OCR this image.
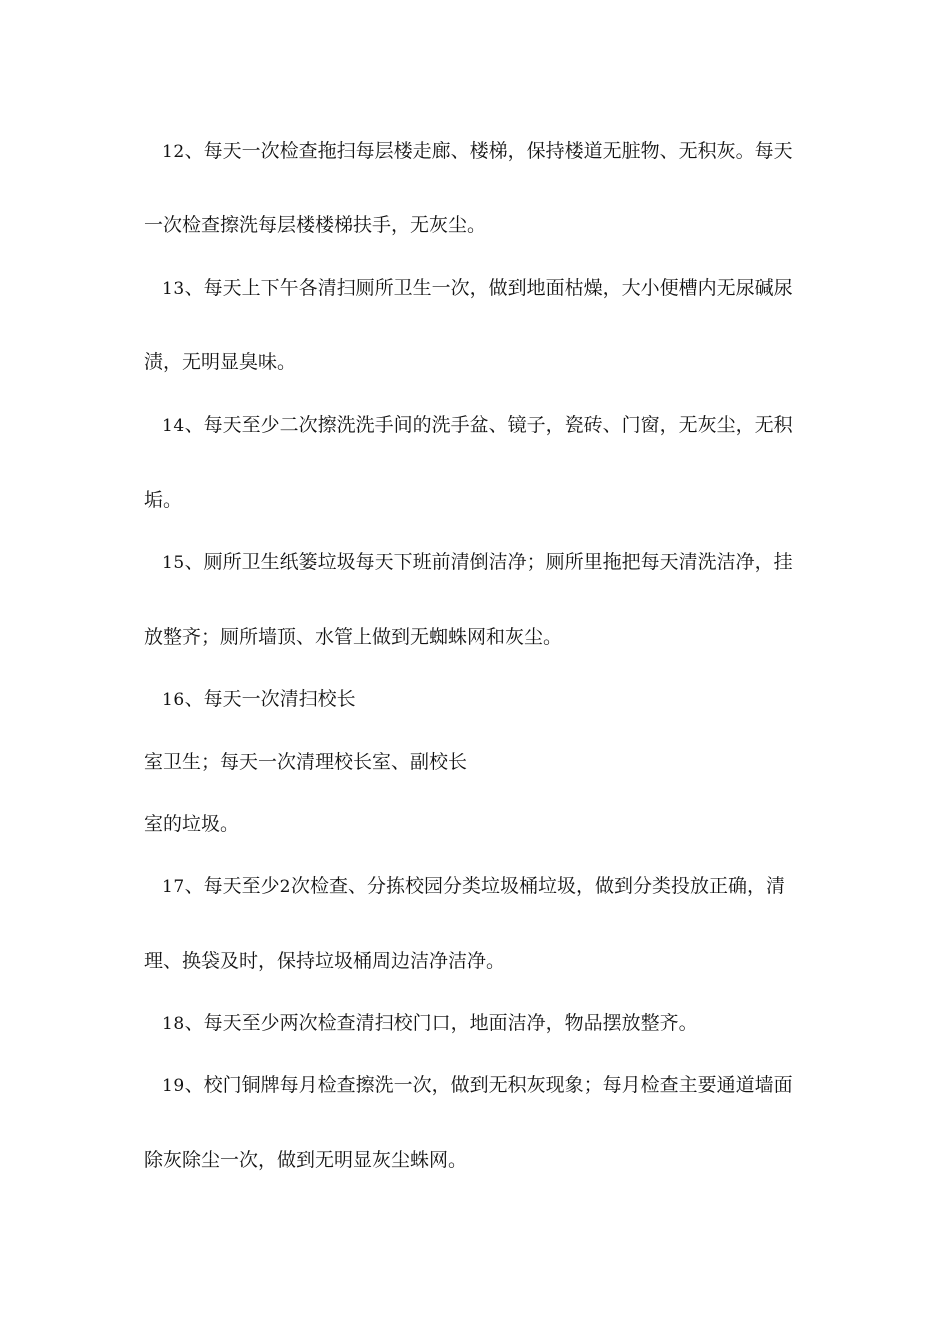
12、每天一次检查拖扫每层楼走廊、楼梯，保持楼道无脏物、无积灰。每天
一次检查擦洗每层楼楼梯扶手，无灰尘。
13、每天上下午各清扫厕所卫生一次，做到地面枯燥，大小便槽内无尿碱尿
渍，无明显臭味。
14、每天至少二次擦洗洗手间的洗手盆、镜子，瓷砖、门窗，无灰尘，无积
垢。
15、厕所卫生纸篓垃圾每天下班前清倒洁净；厕所里拖把每天清洗洁净，挂
放整齐；厕所墙顶、水管上做到无蜘蛛网和灰尘。
16、每天一次清扫校长
室卫生；每天一次清理校长室、副校长
室的垃圾。
17、每天至少2次检查、分拣校园分类垃圾桶垃圾，做到分类投放正确，清
理、换袋及时，保持垃圾桶周边洁净洁净。
18、每天至少两次检查清扫校门口，地面洁净，物品摆放整齐。
19、校门铜牌每月检查擦洗一次，做到无积灰现象；每月检查主要通道墙面
除灰除尘一次，做到无明显灰尘蛛网。
